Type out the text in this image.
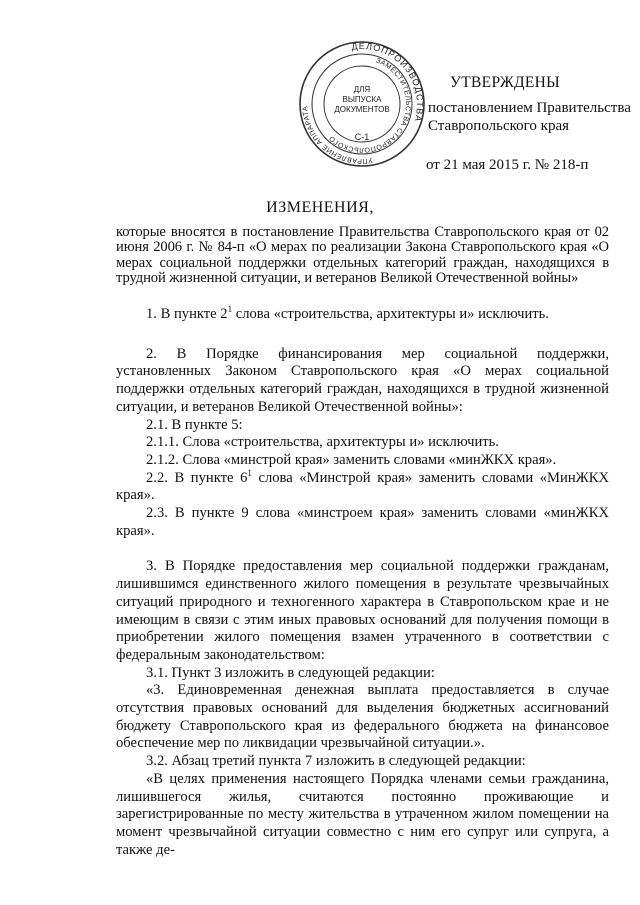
ДЕЛОПРОИЗВОДСТВА
ЗАМЕСТИТЕЛЬСТВА СТАВРОПОЛЬСКОГО
УПРАВЛЕНИЕ АППАРАТА
ДЛЯ
ВЫПУСКА
ДОКУМЕНТОВ
С-1
УТВЕРЖДЕНЫ
постановлением Правительства
Ставропольского края
от 21 мая 2015 г. № 218-п
ИЗМЕНЕНИЯ,
которые вносятся в постановление Правительства Ставропольского края от 02 июня 2006 г. № 84-п «О мерах по реализации Закона Ставропольского края «О мерах социальной поддержки отдельных категорий граждан, находящихся в трудной жизненной ситуации, и ветеранов Великой Отечественной войны»

1. В пункте $2^1$ слова «строительства, архитектуры и» исключить.

2. В Порядке финансирования мер социальной поддержки, установленных Законом Ставропольского края «О мерах социальной поддержки отдельных категорий граждан, находящихся в трудной жизненной ситуации, и ветеранов Великой Отечественной войны»:

2.1. В пункте 5:

2.1.1. Слова «строительства, архитектуры и» исключить.

2.1.2. Слова «минстрой края» заменить словами «минЖКХ края».

2.2. В пункте $6^1$ слова «Минстрой края» заменить словами «МинЖКХ края».

2.3. В пункте 9 слова «минстроем края» заменить словами «минЖКХ края».

3. В Порядке предоставления мер социальной поддержки гражданам, лишившимся единственного жилого помещения в результате чрезвычайных ситуаций природного и техногенного характера в Ставропольском крае и не имеющим в связи с этим иных правовых оснований для получения помощи в приобретении жилого помещения взамен утраченного в соответствии с федеральным законодательством:

3.1. Пункт 3 изложить в следующей редакции:

«3. Единовременная денежная выплата предоставляется в случае отсутствия правовых оснований для выделения бюджетных ассигнований бюджету Ставропольского края из федерального бюджета на финансовое обеспечение мер по ликвидации чрезвычайной ситуации.».

3.2. Абзац третий пункта 7 изложить в следующей редакции:

«В целях применения настоящего Порядка членами семьи гражданина, лишившегося жилья, считаются постоянно проживающие и зарегистрированные по месту жительства в утраченном жилом помещении на момент чрезвычайной ситуации совместно с ним его супруг или супруга, а также де-
